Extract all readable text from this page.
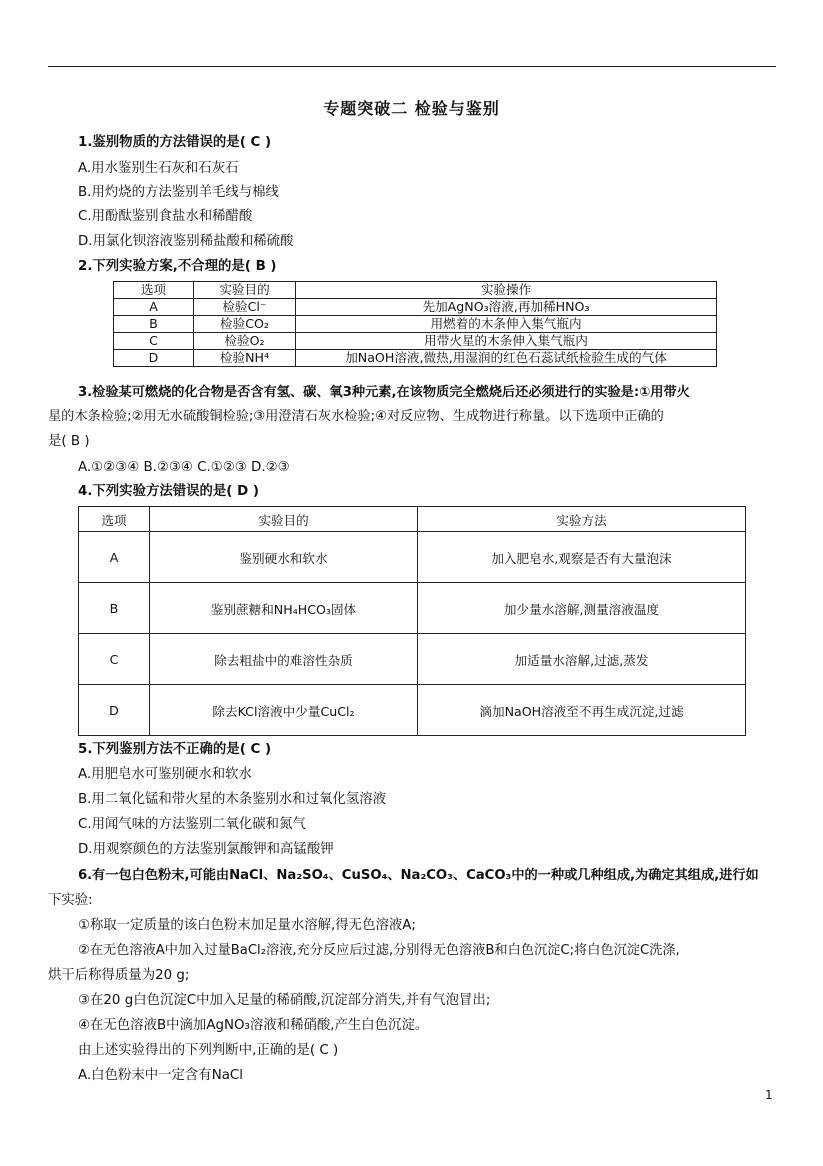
专题突破二 检验与鉴别
1.鉴别物质的方法错误的是( C )
A.用水鉴别生石灰和石灰石
B.用灼烧的方法鉴别羊毛线与棉线
C.用酚酞鉴别食盐水和稀醋酸
D.用氯化钡溶液鉴别稀盐酸和稀硫酸
2.下列实验方案,不合理的是( B )
选项	实验目的	实验操作
A	检验Cl⁻	先加AgNO₃溶液,再加稀HNO₃
B	检验CO₂	用燃着的木条伸入集气瓶内
C	检验O₂	用带火星的木条伸入集气瓶内
D	检验NH⁴	加NaOH溶液,微热,用湿润的红色石蕊试纸检验生成的气体
3.检验某可燃烧的化合物是否含有氢、碳、氧3种元素,在该物质完全燃烧后还必须进行的实验是:①用带火
星的木条检验;②用无水硫酸铜检验;③用澄清石灰水检验;④对反应物、生成物进行称量。以下选项中正确的
是( B )
A.①②③④ B.②③④ C.①②③ D.②③
4.下列实验方法错误的是( D )
选项	实验目的	实验方法
A	鉴别硬水和软水	加入肥皂水,观察是否有大量泡沫
B	鉴别蔗糖和NH₄HCO₃固体	加少量水溶解,测量溶液温度
C	除去粗盐中的难溶性杂质	加适量水溶解,过滤,蒸发
D	除去KCl溶液中少量CuCl₂	滴加NaOH溶液至不再生成沉淀,过滤
5.下列鉴别方法不正确的是( C )
A.用肥皂水可鉴别硬水和软水
B.用二氧化锰和带火星的木条鉴别水和过氧化氢溶液
C.用闻气味的方法鉴别二氧化碳和氮气
D.用观察颜色的方法鉴别氯酸钾和高锰酸钾
6.有一包白色粉末,可能由NaCl、Na₂SO₄、CuSO₄、Na₂CO₃、CaCO₃中的一种或几种组成,为确定其组成,进行如
下实验:
①称取一定质量的该白色粉末加足量水溶解,得无色溶液A;
②在无色溶液A中加入过量BaCl₂溶液,充分反应后过滤,分别得无色溶液B和白色沉淀C;将白色沉淀C洗涤,
烘干后称得质量为20 g;
③在20 g白色沉淀C中加入足量的稀硝酸,沉淀部分消失,并有气泡冒出;
④在无色溶液B中滴加AgNO₃溶液和稀硝酸,产生白色沉淀。
由上述实验得出的下列判断中,正确的是( C )
A.白色粉末中一定含有NaCl
1
